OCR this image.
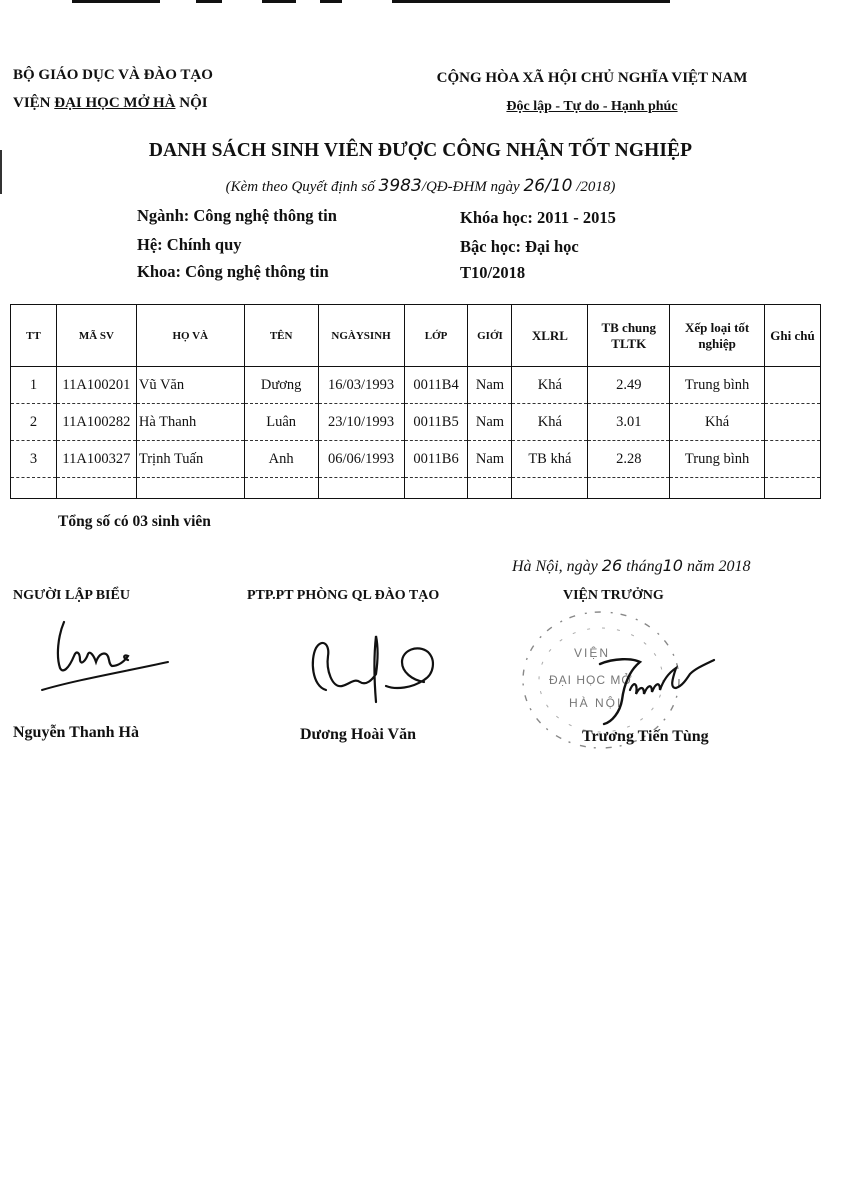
BỘ GIÁO DỤC VÀ ĐÀO TẠO
VIỆN ĐẠI HỌC MỞ HÀ NỘI
CỘNG HÒA XÃ HỘI CHỦ NGHĨA VIỆT NAM
Độc lập - Tự do - Hạnh phúc
DANH SÁCH SINH VIÊN ĐƯỢC CÔNG NHẬN TỐT NGHIỆP
(Kèm theo Quyết định số 3983/QĐ-ĐHM ngày 26/10 /2018)
Ngành: Công nghệ thông tin
Hệ: Chính quy
Khoa: Công nghệ thông tin
Khóa học: 2011 - 2015
Bậc học: Đại học
T10/2018
TT	MÃ SV	HỌ VÀ	TÊN	NGÀYSINH	LỚP	GIỚI	XLRL	TB chung TLTK	Xếp loại tốt nghiệp	Ghi chú
1	11A100201	Vũ Văn	Dương	16/03/1993	0011B4	Nam	Khá	2.49	Trung bình	
2	11A100282	Hà Thanh	Luân	23/10/1993	0011B5	Nam	Khá	3.01	Khá	
3	11A100327	Trịnh Tuấn	Anh	06/06/1993	0011B6	Nam	TB khá	2.28	Trung bình	

Tổng số có 03 sinh viên
Hà Nội, ngày 26 tháng10 năm 2018
NGƯỜI LẬP BIỂU	PTP.PT PHÒNG QL ĐÀO TẠO	VIỆN TRƯỞNG
VIỆN
ĐẠI HỌC MỞ
HÀ NỘI
Nguyễn Thanh Hà	Dương Hoài Văn	Trương Tiến Tùng
